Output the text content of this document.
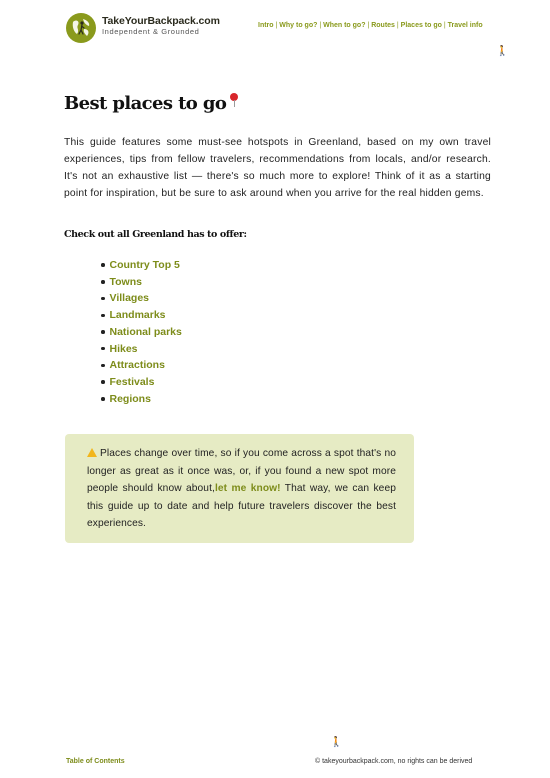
TakeYourBackpack.com
Independent & Grounded
Intro | Why to go? | When to go? | Routes | Places to go | Travel info
🚶
Best places to go

This guide features some must-see hotspots in Greenland, based on my own travel experiences, tips from fellow travelers, recommendations from locals, and/or research. It's not an exhaustive list — there's so much more to explore! Think of it as a starting point for inspiration, but be sure to ask around when you arrive for the real hidden gems.

Check out all Greenland has to offer:

Country Top 5
Towns
Villages
Landmarks
National parks
Hikes
Attractions
Festivals
Regions

Places change over time, so if you come across a spot that's no longer as great as it once was, or, if you found a new spot more people should know about,let me know! That way, we can keep this guide up to date and help future travelers discover the best experiences.

🚶
Table of Contents	© takeyourbackpack.com, no rights can be derived
